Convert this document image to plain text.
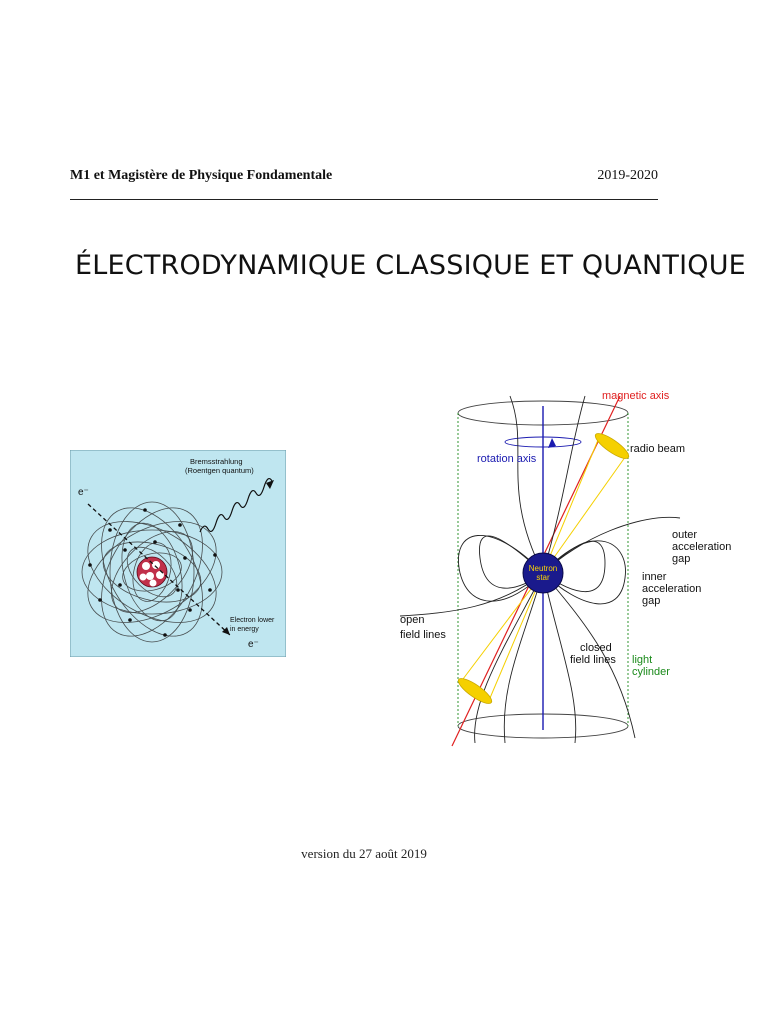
M1 et Magistère de Physique Fondamentale	2019-2020
ÉLECTRODYNAMIQUE CLASSIQUE ET QUANTIQUE
Bremsstrahlung
(Roentgen quantum)
e⁻
Electron lower
in energy
e⁻
Neutron
star
magnetic axis
radio beam
rotation axis
outer
acceleration
gap
inner
acceleration
gap
open
field lines
closed
field lines light
cylinder
version du 27 août 2019
